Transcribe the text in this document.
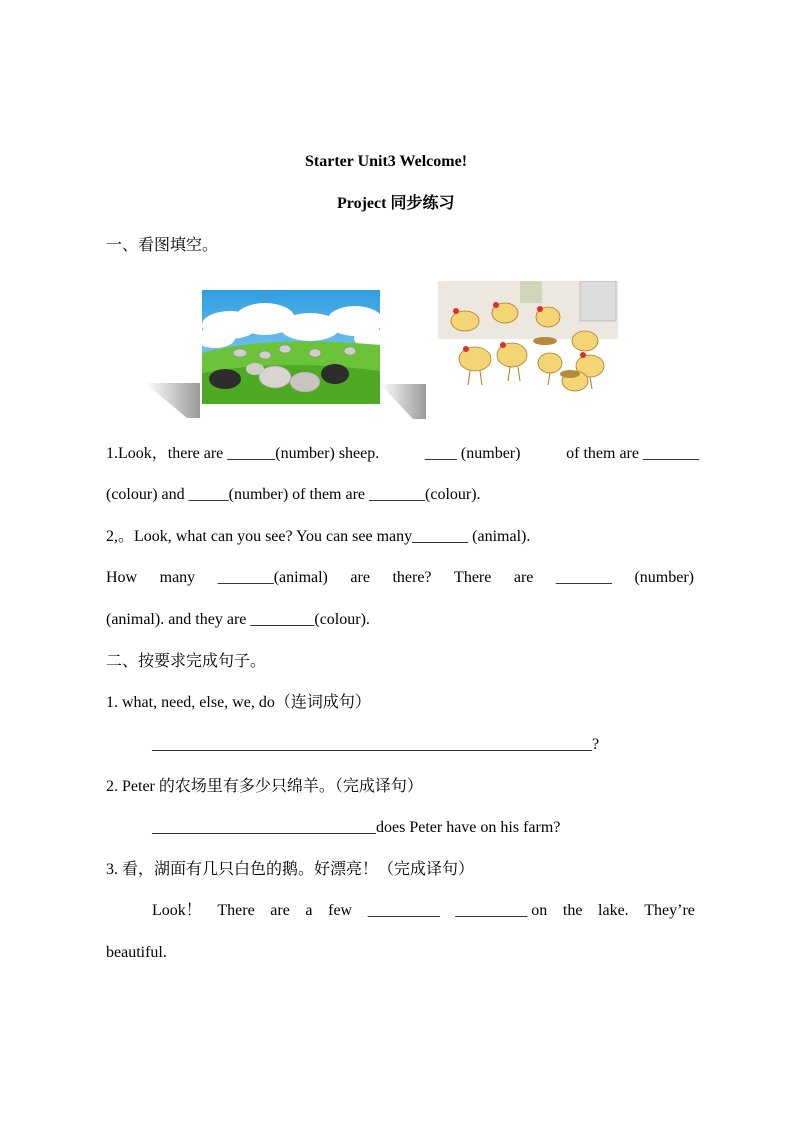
Starter Unit3 Welcome!
Project 同步练习
一、看图填空。
1.Look，there are ______(number) sheep.	____ (number)	of them are _______
(colour) and _____(number) of them are _______(colour).
2,。Look, what can you see? You can see many_______ (animal).
How many _______(animal) are there? There are _______ (number)
(animal). and they are ________(colour).
二、按要求完成句子。
1. what, need, else, we, do（连词成句）
_______________________________________________________?
2. Peter 的农场里有多少只绵羊。（完成译句）
____________________________does Peter have on his farm?
3. 看，湖面有几只白色的鹅。好漂亮！（完成译句）
Look！ There are a few _________ _________ on the lake. They’re
beautiful.
